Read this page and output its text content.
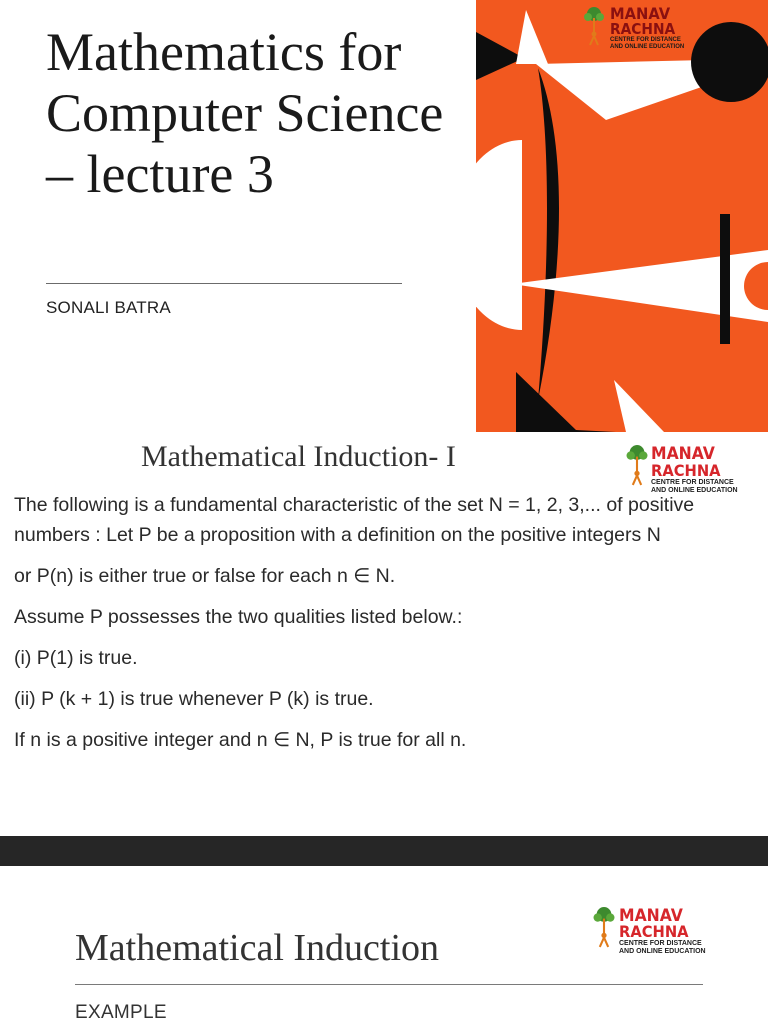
Mathematics for Computer Science – lecture 3
SONALI BATRA
MANAV
RACHNA
CENTRE FOR DISTANCE
AND ONLINE EDUCATION
Mathematical Induction- I	MANAV
RACHNA
CENTRE FOR DISTANCE
AND ONLINE EDUCATION

The following is a fundamental characteristic of the set N = 1, 2, 3,... of positive numbers : Let P be a proposition with a definition on the positive integers N

or P(n) is either true or false for each n ∈ N.

Assume P possesses the two qualities listed below.:

(i) P(1) is true.

(ii) P (k + 1) is true whenever P (k) is true.

If n is a positive integer and n ∈ N, P is true for all n.

MANAV
RACHNA
CENTRE FOR DISTANCE
AND ONLINE EDUCATION
Mathematical Induction
EXAMPLE
